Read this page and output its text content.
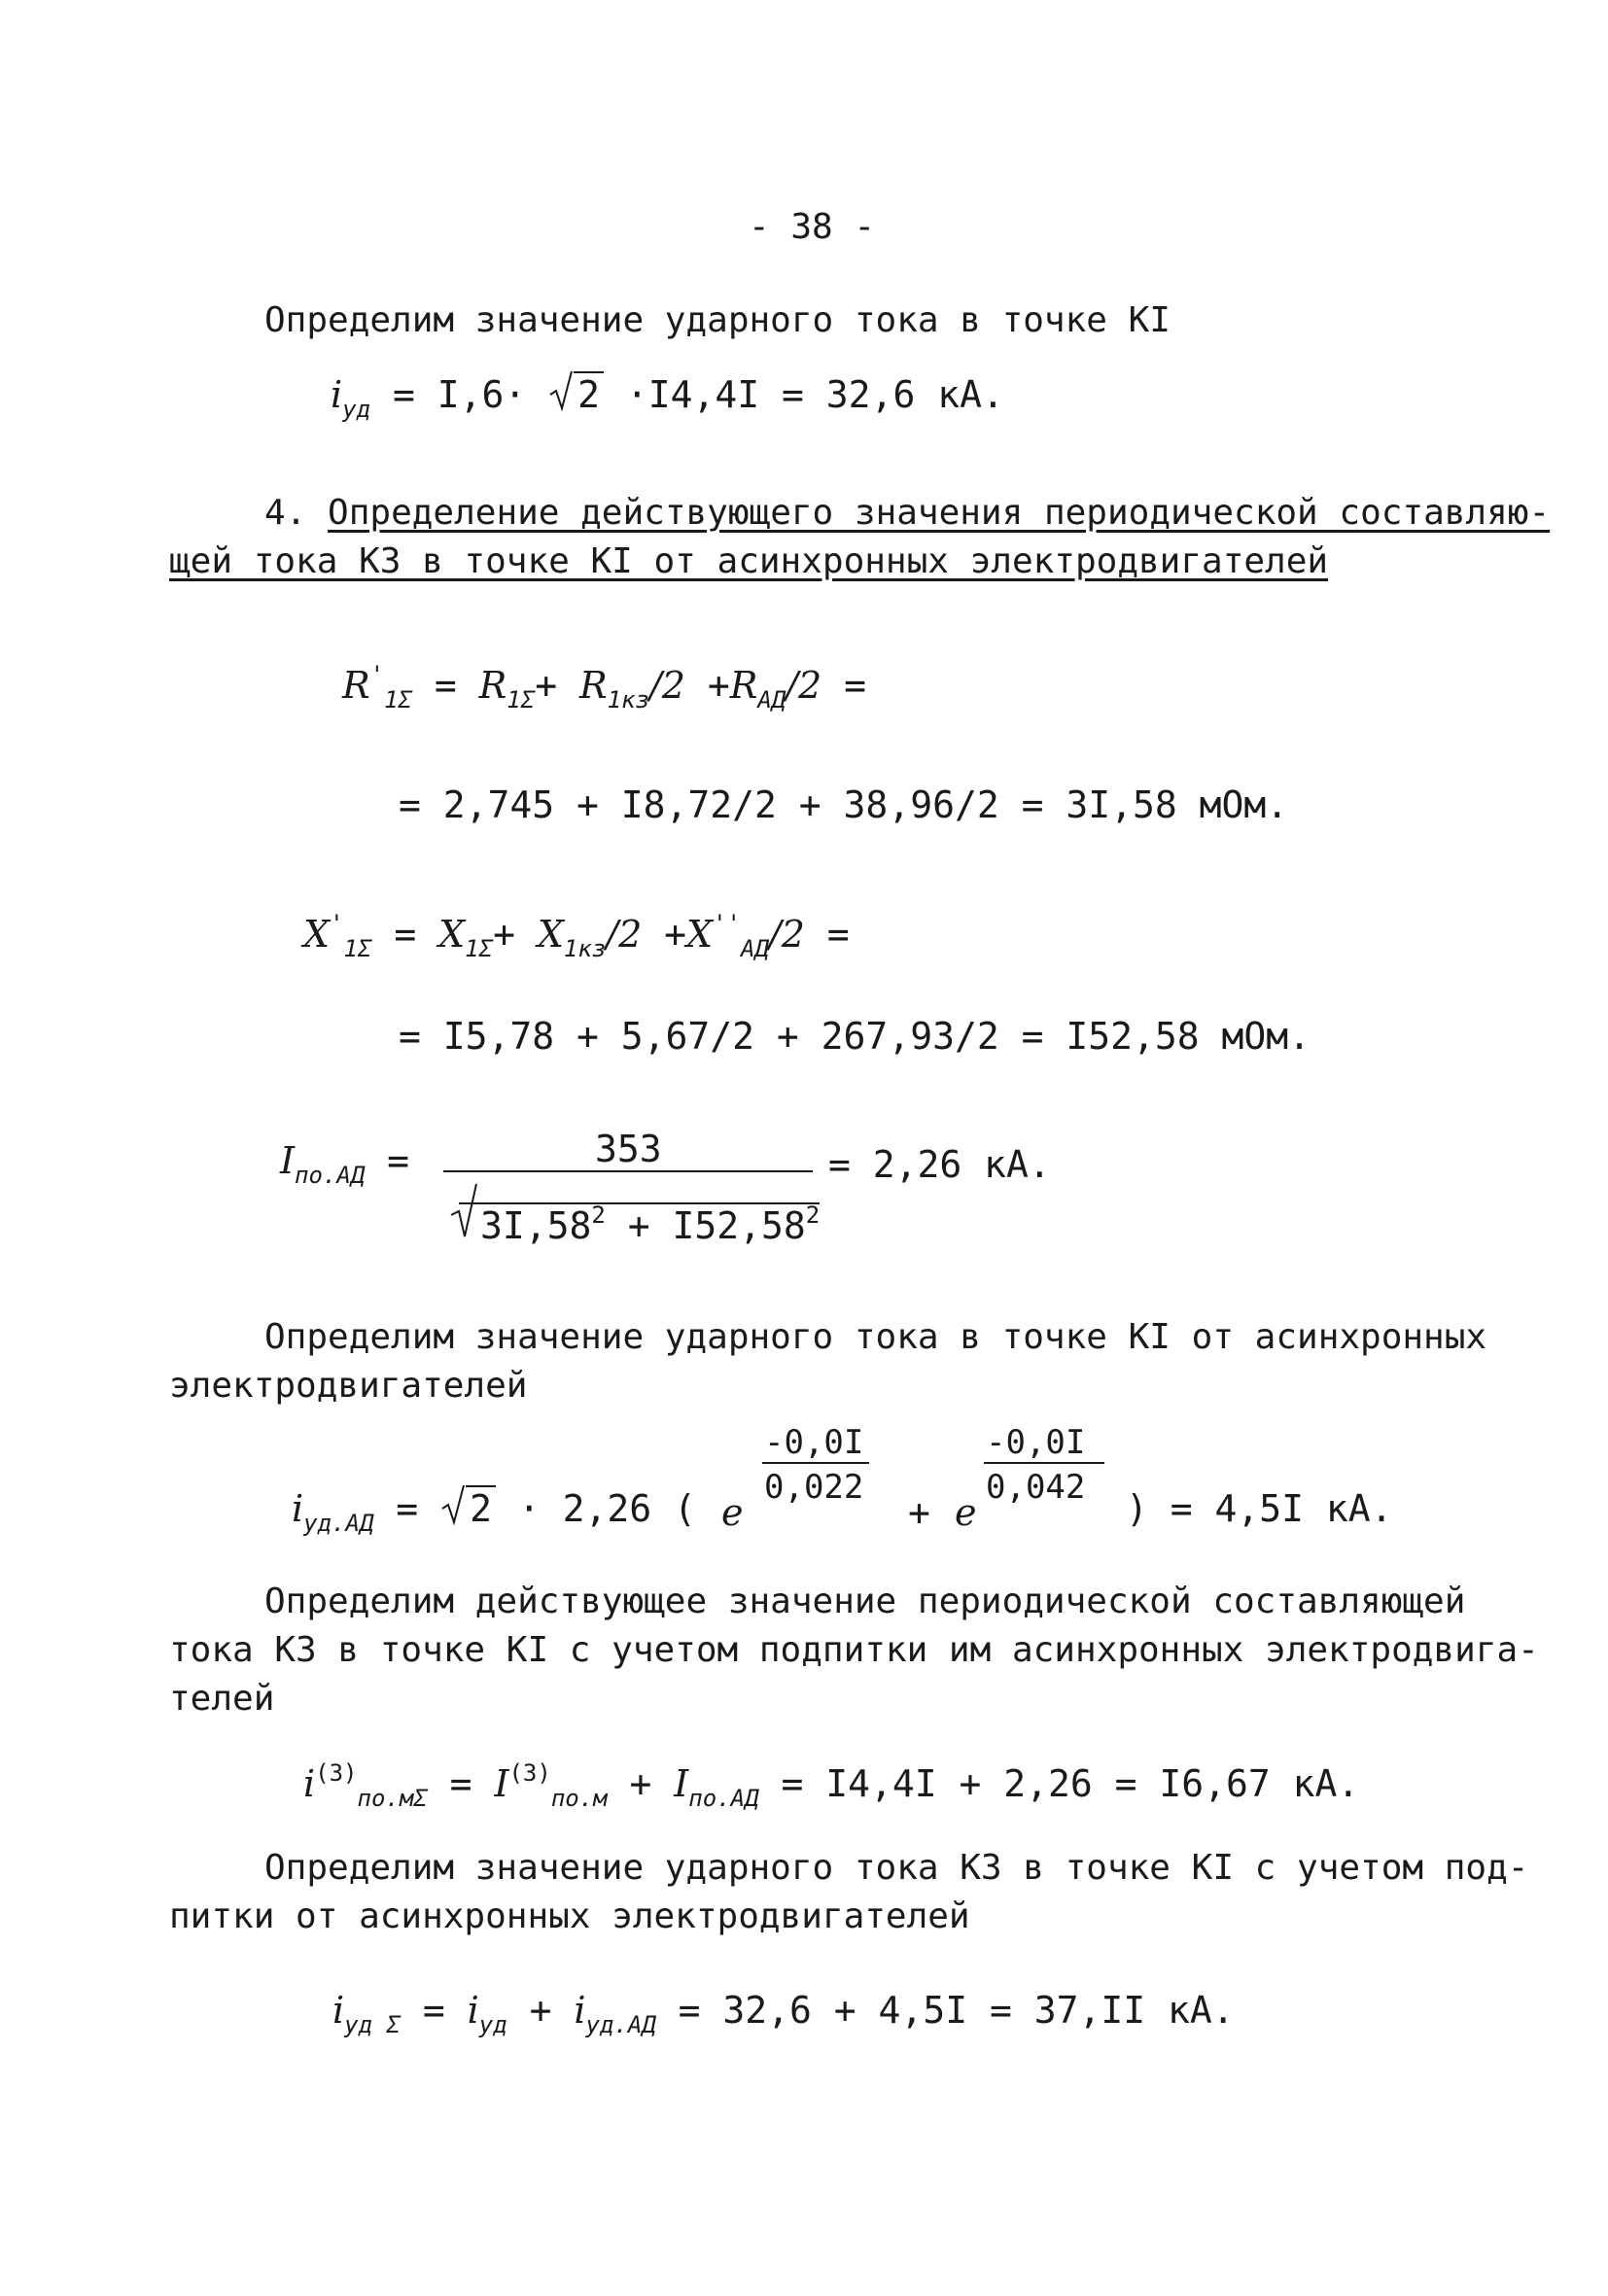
- 38 -
Определим значение ударного тока в точке КI
$i_{уд} = I,6\cdot 2 \cdot I4,4I = 32,6$ кА.
4. Определение действующего значения периодической составляю-
щей тока КЗ в точке КI от асинхронных электродвигателей
$R'_{1\Sigma} = R_{1\Sigma}+ R_{1кз}/2 +R_{АД}/2$ =
= 2,745 + I8,72/2 + 38,96/2 = 3I,58 мОм.
$X'_{1\Sigma} = X_{1\Sigma}+ X_{1кз}/2 +X''_{АД}/2$ =
= I5,78 + 5,67/2 + 267,93/2 = I52,58 мОм.
$I_{по.АД}$ =	353
$3I,58^2 + I52,58^2$
= 2,26 кА.
Определим значение ударного тока в точке КI от асинхронных
электродвигателей
$i_{уд.АД} = 2 \cdot 2,26$ ( e
-0,0I
0,022
+ e
-0,0I
0,042 ) = 4,5I кА.
Определим действующее значение периодической составляющей
тока КЗ в точке КI с учетом подпитки им асинхронных электродвига-
телей
$i^{(3)}_{по.м\Sigma} = I^{(3)}_{по.м} + I_{по.АД} = I4,4I + 2,26 = I6,67$ кА.
Определим значение ударного тока КЗ в точке КI с учетом под-
питки от асинхронных электродвигателей
$i_{уд \Sigma} = i_{уд} + i_{уд.АД} = 32,6 + 4,5I = 37,II$ кА.
